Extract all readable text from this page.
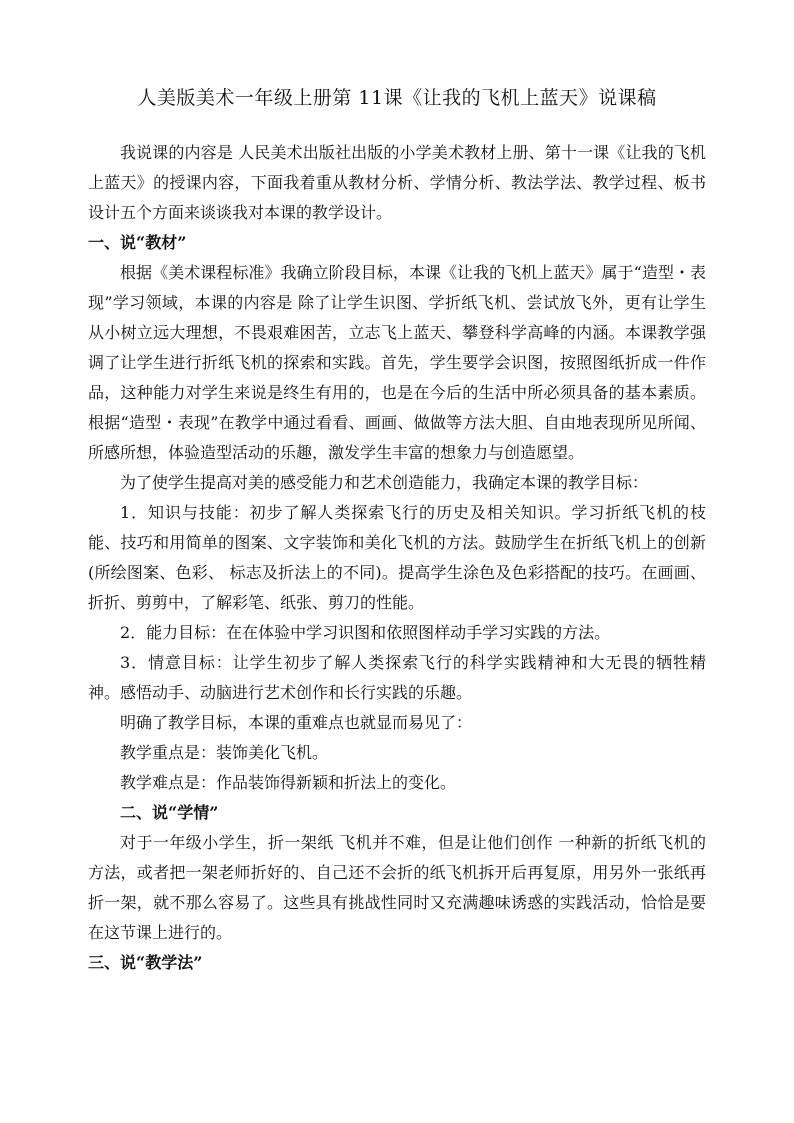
人美版美术一年级上册第 11课《让我的飞机上蓝天》说课稿

我说课的内容是 人民美术出版社出版的小学美术教材上册、第十一课《让我的飞机上蓝天》的授课内容，下面我着重从教材分析、学情分析、教法学法、教学过程、板书设计五个方面来谈谈我对本课的教学设计。

一、说“教材”

根据《美术课程标准》我确立阶段目标，本课《让我的飞机上蓝天》属于“造型・表现”学习领域，本课的内容是 除了让学生识图、学折纸飞机、尝试放飞外，更有让学生从小树立远大理想，不畏艰难困苦，立志飞上蓝天、攀登科学高峰的内涵。本课教学强调了让学生进行折纸飞机的探索和实践。首先，学生要学会识图，按照图纸折成一件作品，这种能力对学生来说是终生有用的，也是在今后的生活中所必须具备的基本素质。根据“造型・表现”在教学中通过看看、画画、做做等方法大胆、自由地表现所见所闻、所感所想，体验造型活动的乐趣，激发学生丰富的想象力与创造愿望。

为了使学生提高对美的感受能力和艺术创造能力，我确定本课的教学目标：

1．知识与技能：初步了解人类探索飞行的历史及相关知识。学习折纸飞机的枝能、技巧和用简单的图案、文字装饰和美化飞机的方法。鼓励学生在折纸飞机上的创新(所绘图案、色彩、 标志及折法上的不同)。提高学生涂色及色彩搭配的技巧。在画画、折折、剪剪中，了解彩笔、纸张、剪刀的性能。

2．能力目标：在在体验中学习识图和依照图样动手学习实践的方法。

3．情意目标：让学生初步了解人类探索飞行的科学实践精神和大无畏的牺牲精神。感悟动手、动脑进行艺术创作和长行实践的乐趣。

明确了教学目标，本课的重难点也就显而易见了：

教学重点是：装饰美化飞机。

教学难点是：作品装饰得新颖和折法上的变化。

二、说“学情”

对于一年级小学生，折一架纸 飞机并不难，但是让他们创作 一种新的折纸飞机的方法，或者把一架老师折好的、自己还不会折的纸飞机拆开后再复原，用另外一张纸再折一架，就不那么容易了。这些具有挑战性同时又充满趣味诱惑的实践活动，恰恰是要在这节课上进行的。

三、说“教学法”
